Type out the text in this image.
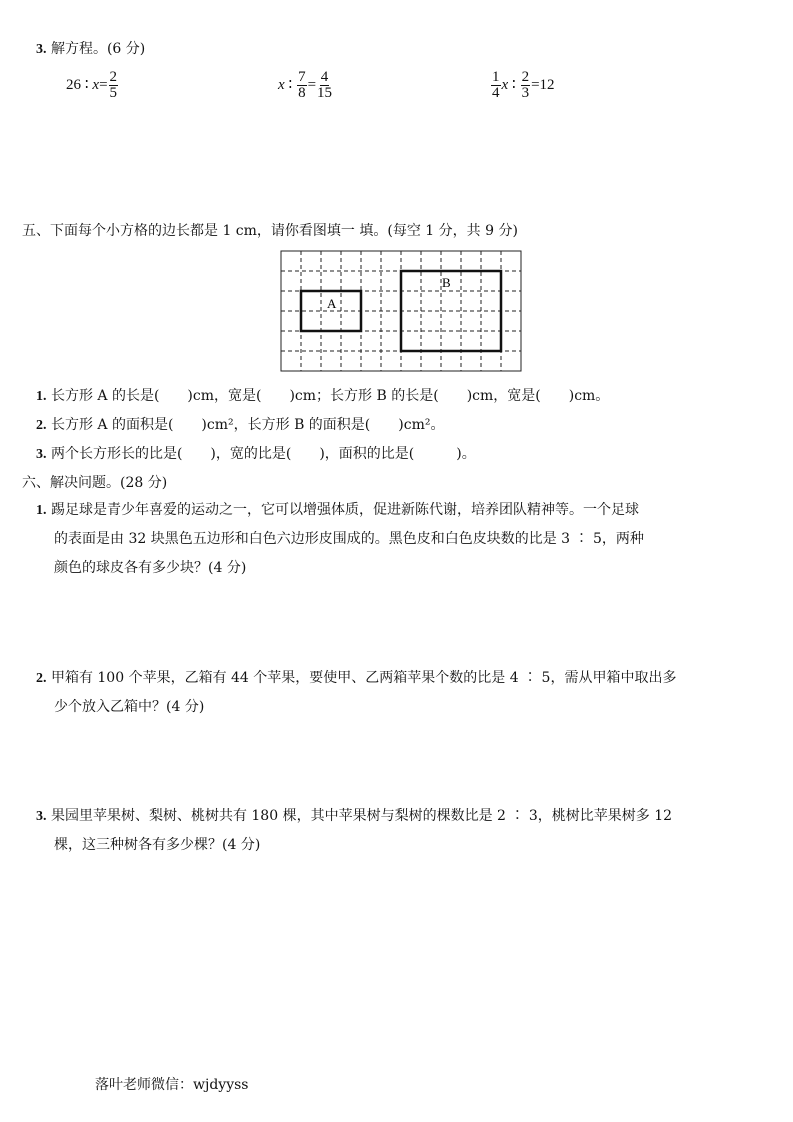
3. 解方程。(6 分)
26 ∶ $x= \frac{2}{5}$	x ∶ $\frac{7}{8} = \frac{4}{15}$	$\frac{1}{4}$ x ∶ $\frac{2}{3} =12$
五、下面每个小方格的边长都是 1 cm，请你看图填一 填。(每空 1 分，共 9 分)
A
B
1. 长方形 A 的长是(　　)cm，宽是(　　)cm；长方形 B 的长是(　　)cm，宽是(　　)cm。
2. 长方形 A 的面积是(　　)cm²，长方形 B 的面积是(　　)cm²。
3. 两个长方形长的比是(　　)，宽的比是(　　)，面积的比是(　　　)。
六、解决问题。(28 分)
1. 踢足球是青少年喜爱的运动之一，它可以增强体质，促进新陈代谢，培养团队精神等。一个足球
的表面是由 32 块黑色五边形和白色六边形皮围成的。黑色皮和白色皮块数的比是 3 ∶ 5，两种
颜色的球皮各有多少块？(4 分)
2. 甲箱有 100 个苹果，乙箱有 44 个苹果，要使甲、乙两箱苹果个数的比是 4 ∶ 5，需从甲箱中取出多
少个放入乙箱中？(4 分)
3. 果园里苹果树、梨树、桃树共有 180 棵，其中苹果树与梨树的棵数比是 2 ∶ 3，桃树比苹果树多 12
棵，这三种树各有多少棵？(4 分)
落叶老师微信：wjdyyss
